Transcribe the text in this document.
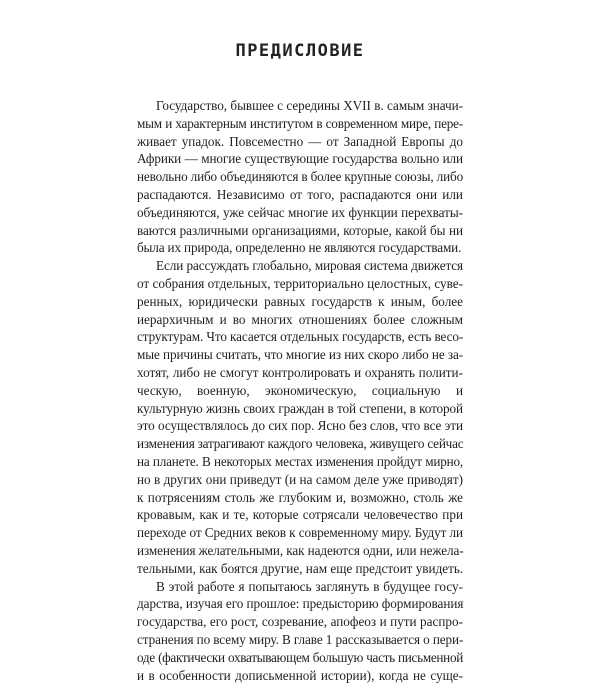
ПРЕДИСЛОВИЕ
Государство, бывшее с середины XVII в. самым значи-
мым и характерным институтом в современном мире, пере-
живает упадок. Повсеместно — от Западной Европы до
Африки — многие существующие государства вольно или
невольно либо объединяются в более крупные союзы, либо
распадаются. Независимо от того, распадаются они или
объединяются, уже сейчас многие их функции перехваты-
ваются различными организациями, которые, какой бы ни
была их природа, определенно не являются государствами.
Если рассуждать глобально, мировая система движется
от собрания отдельных, территориально целостных, суве-
ренных, юридически равных государств к иным, более
иерархичным и во многих отношениях более сложным
структурам. Что касается отдельных государств, есть весо-
мые причины считать, что многие из них скоро либо не за-
хотят, либо не смогут контролировать и охранять полити-
ческую, военную, экономическую, социальную и
культурную жизнь своих граждан в той степени, в которой
это осуществлялось до сих пор. Ясно без слов, что все эти
изменения затрагивают каждого человека, живущего сейчас
на планете. В некоторых местах изменения пройдут мирно,
но в других они приведут (и на самом деле уже приводят)
к потрясениям столь же глубоким и, возможно, столь же
кровавым, как и те, которые сотрясали человечество при
переходе от Средних веков к современному миру. Будут ли
изменения желательными, как надеются одни, или нежела-
тельными, как боятся другие, нам еще предстоит увидеть.
В этой работе я попытаюсь заглянуть в будущее госу-
дарства, изучая его прошлое: предысторию формирования
государства, его рост, созревание, апофеоз и пути распро-
странения по всему миру. В главе 1 рассказывается о пери-
оде (фактически охватывающем большую часть письменной
и в особенности дописьменной истории), когда не суще-
